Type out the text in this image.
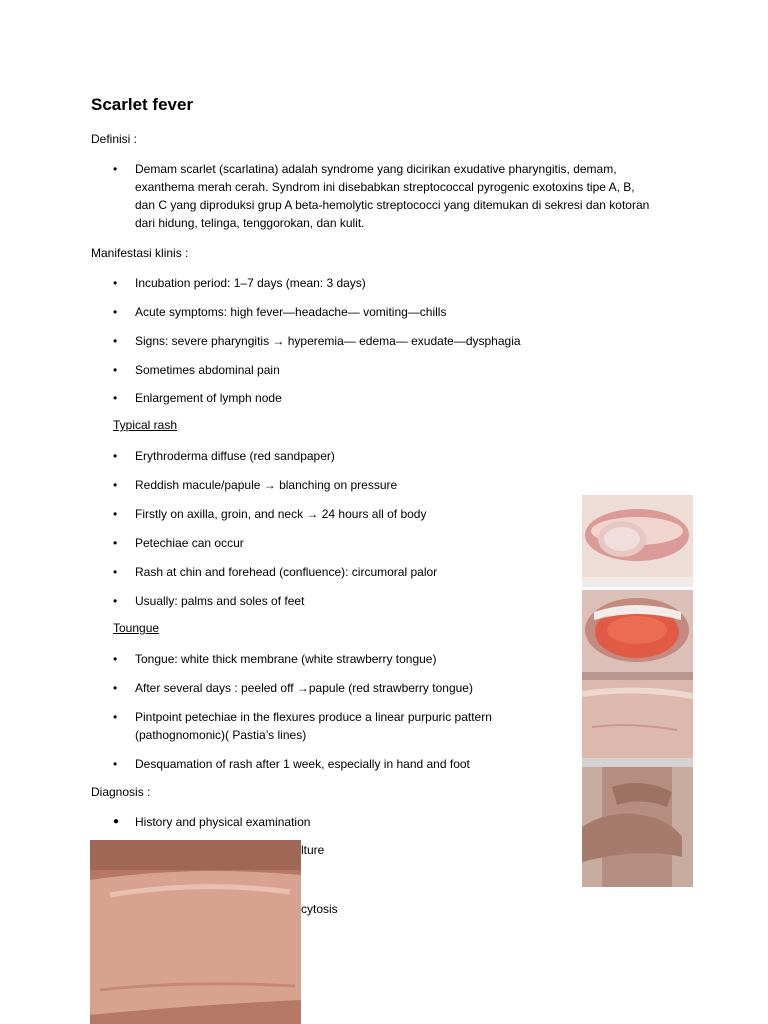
Scarlet fever
Definisi :
•	Demam scarlet (scarlatina) adalah syndrome yang dicirikan exudative pharyngitis, demam,
exanthema merah cerah. Syndrom ini disebabkan streptococcal pyrogenic exotoxins tipe A, B,
dan C yang diproduksi grup A beta-hemolytic streptococci yang ditemukan di sekresi dan kotoran
dari hidung, telinga, tenggorokan, dan kulit.
Manifestasi klinis :
•	Incubation period: 1–7 days (mean: 3 days)
•	Acute symptoms: high fever—headache— vomiting—chills
•	Signs: severe pharyngitis → hyperemia— edema— exudate—dysphagia
•	Sometimes abdominal pain
•	Enlargement of lymph node
Typical rash
•	Erythroderma diffuse (red sandpaper)
•	Reddish macule/papule → blanching on pressure
•	Firstly on axilla, groin, and neck → 24 hours all of body
•	Petechiae can occur
•	Rash at chin and forehead (confluence): circumoral palor
•	Usually: palms and soles of feet
Toungue
•	Tongue: white thick membrane (white strawberry tongue)
•	After several days : peeled off →papule (red strawberry tongue)
•	Pintpoint petechiae in the flexures produce a linear purpuric pattern
(pathognomonic)( Pastia’s lines)
•	Desquamation of rash after 1 week, especially in hand and foot
Diagnosis :
●	History and physical examination
lture
cytosis
